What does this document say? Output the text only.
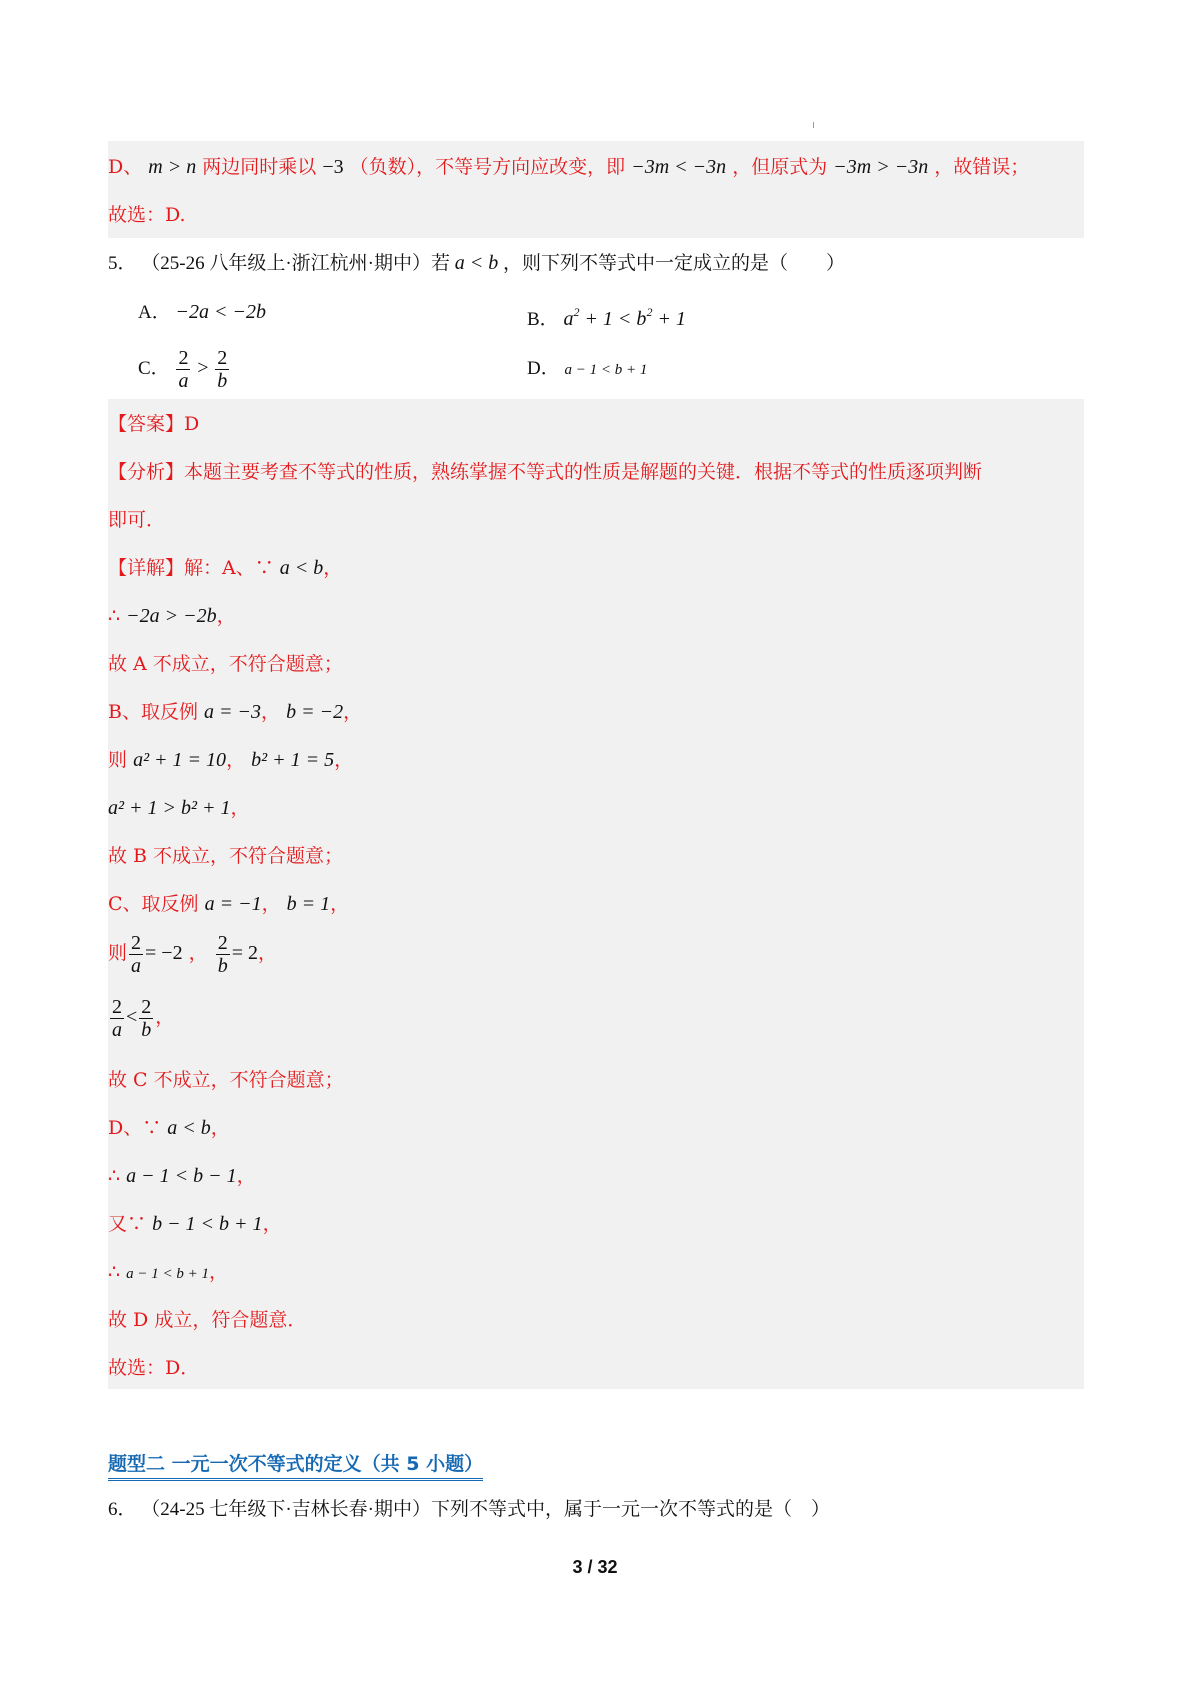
D、 m > n 两边同时乘以 −3 （负数），不等号方向应改变，即 −3m < −3n ，但原式为 −3m > −3n ，故错误；
故选：D.
5． （25-26 八年级上·浙江杭州·期中）若 a < b ，则下列不等式中一定成立的是（　　）
A． −2a < −2b	B． $a^2 + 1 < b^2 + 1$
C． $\frac{2}{a} > \frac{2}{b}$	D． a − 1 < b + 1
【答案】D
【分析】本题主要考查不等式的性质，熟练掌握不等式的性质是解题的关键．根据不等式的性质逐项判断
即可．
【详解】解：A、∵ a < b，
∴ −2a > −2b，
故 A 不成立，不符合题意；
B、取反例 a = −3， b = −2，
则 a² + 1 = 10， b² + 1 = 5，
a² + 1 > b² + 1，
故 B 不成立，不符合题意；
C、取反例 a = −1， b = 1，
则 $\frac{2}{a} = -2$ ， $\frac{2}{b} = 2$，
$\frac{2}{a} < \frac{2}{b}$ ，
故 C 不成立，不符合题意；
D、∵ a < b，
∴ a − 1 < b − 1，
又∵ b − 1 < b + 1，
∴ a − 1 < b + 1，
故 D 成立，符合题意．
故选：D．
题型二 一元一次不等式的定义（共 5 小题）
6． （24-25 七年级下·吉林长春·期中）下列不等式中，属于一元一次不等式的是（　）
3 / 32
